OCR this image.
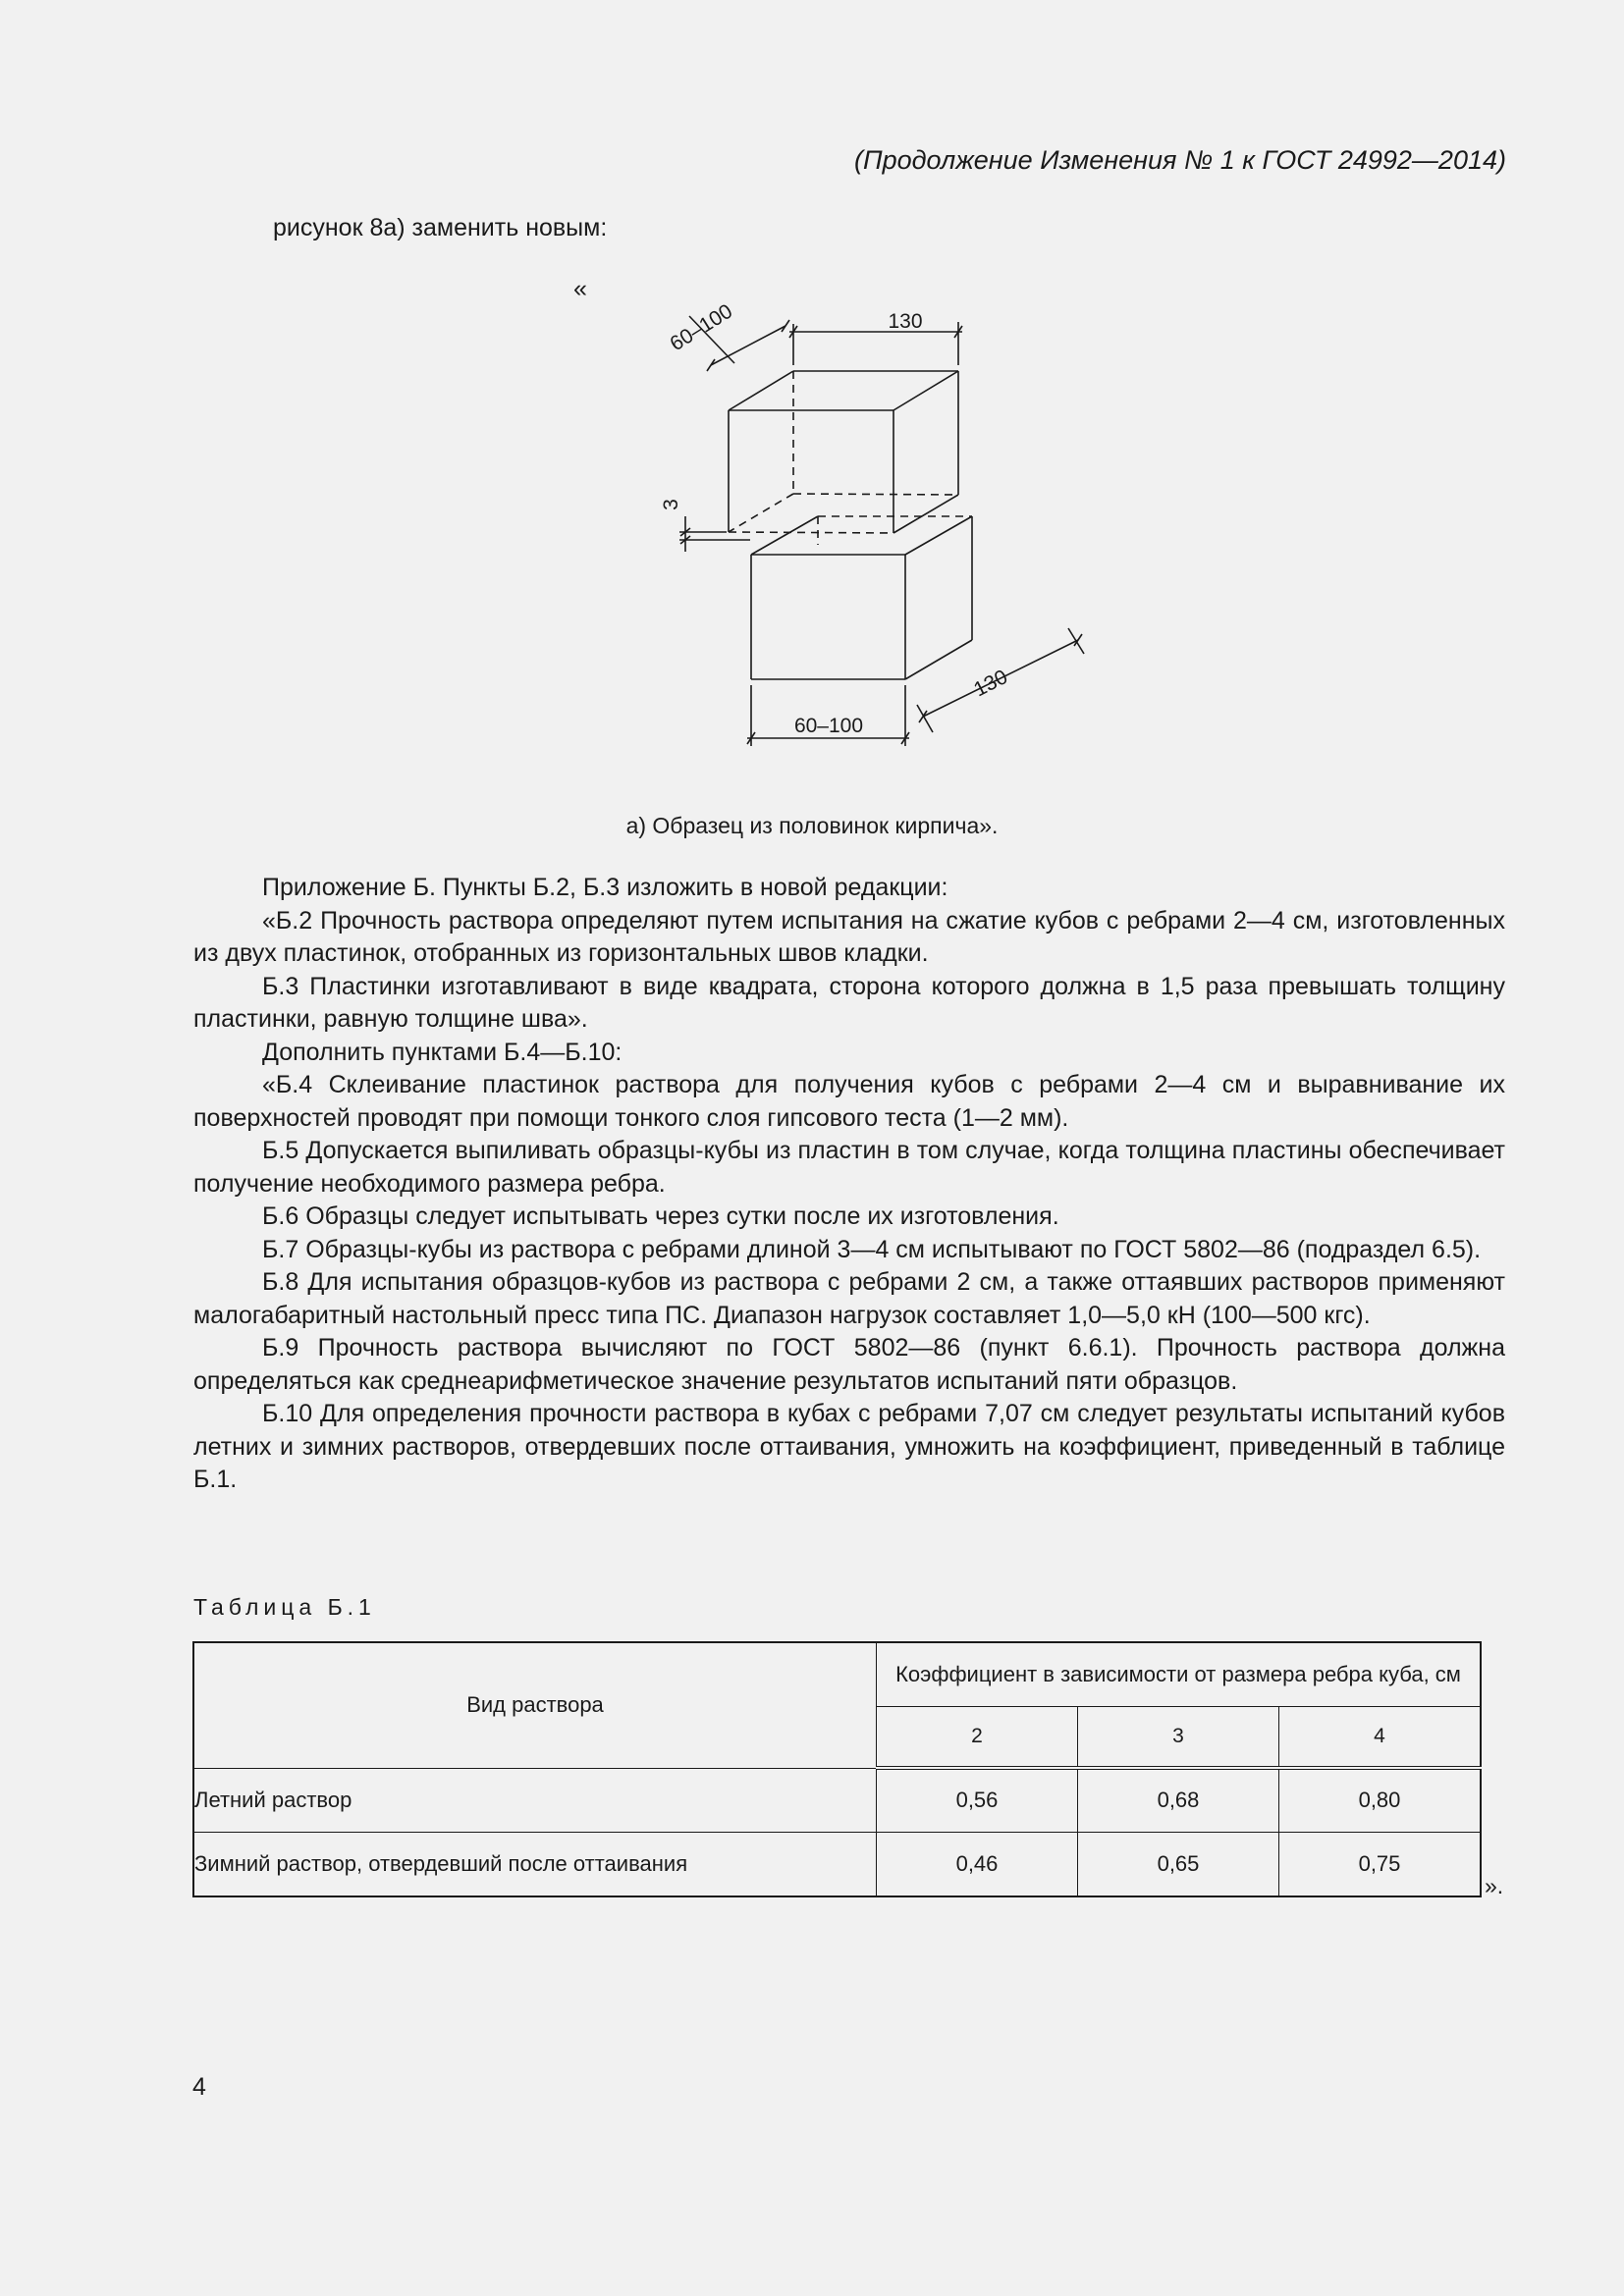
(Продолжение Изменения № 1 к ГОСТ 24992—2014)
рисунок 8а) заменить новым:
«
60–100	130
3
130
60–100
а) Образец из половинок кирпича».

Приложение Б. Пункты Б.2, Б.3 изложить в новой редакции:

«Б.2 Прочность раствора определяют путем испытания на сжатие кубов с ребрами 2—4 см, изготовленных из двух пластинок, отобранных из горизонтальных швов кладки.

Б.3 Пластинки изготавливают в виде квадрата, сторона которого должна в 1,5 раза превышать толщину пластинки, равную толщине шва».

Дополнить пунктами Б.4—Б.10:

«Б.4 Склеивание пластинок раствора для получения кубов с ребрами 2—4 см и выравнивание их поверхностей проводят при помощи тонкого слоя гипсового теста (1—2 мм).

Б.5 Допускается выпиливать образцы-кубы из пластин в том случае, когда толщина пластины обеспечивает получение необходимого размера ребра.

Б.6 Образцы следует испытывать через сутки после их изготовления.

Б.7 Образцы-кубы из раствора с ребрами длиной 3—4 см испытывают по ГОСТ 5802—86 (подраздел 6.5).

Б.8 Для испытания образцов-кубов из раствора с ребрами 2 см, а также оттаявших растворов применяют малогабаритный настольный пресс типа ПС. Диапазон нагрузок составляет 1,0—5,0 кН (100—500 кгс).

Б.9 Прочность раствора вычисляют по ГОСТ 5802—86 (пункт 6.6.1). Прочность раствора должна определяться как среднеарифметическое значение результатов испытаний пяти образцов.

Б.10 Для определения прочности раствора в кубах с ребрами 7,07 см следует результаты испытаний кубов летних и зимних растворов, отвердевших после оттаивания, умножить на коэффициент, приведенный в таблице Б.1.

Таблица Б.1
Вид раствора	Коэффициент в зависимости от размера ребра куба, см		
	2	3	4
Летний раствор	0,56	0,68	0,80
Зимний раствор, отвердевший после оттаивания	0,46	0,65	0,75
».
4
